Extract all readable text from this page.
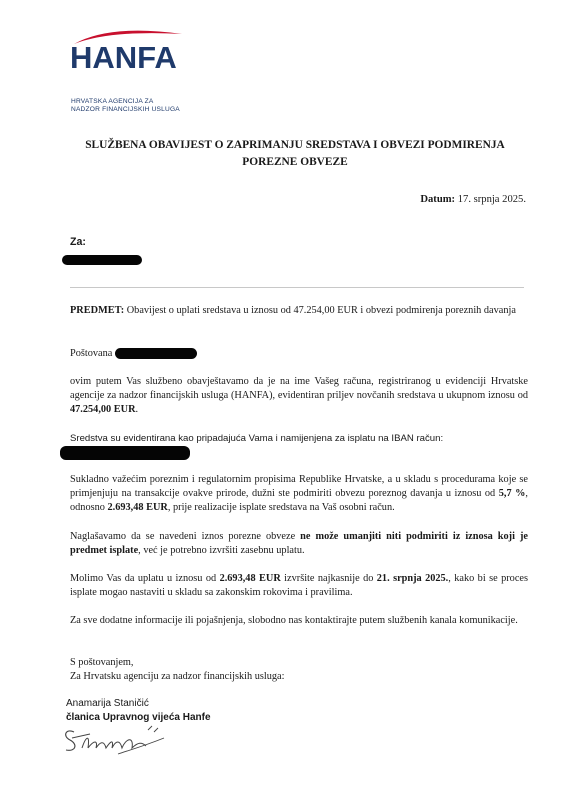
HANFA
HRVATSKA AGENCIJA ZA
NADZOR FINANCIJSKIH USLUGA
SLUŽBENA OBAVIJEST O ZAPRIMANJU SREDSTAVA I OBVEZI PODMIRENJA
POREZNE OBVEZE
Datum: 17. srpnja 2025.
Za:
PREDMET: Obavijest o uplati sredstava u iznosu od 47.254,00 EUR i obvezi podmirenja poreznih davanja
Poštovana
ovim putem Vas službeno obavještavamo da je na ime Vašeg računa, registriranog u evidenciji Hrvatske agencije za nadzor financijskih usluga (HANFA), evidentiran priljev novčanih sredstava u ukupnom iznosu od 47.254,00 EUR.
Sredstva su evidentirana kao pripadajuća Vama i namijenjena za isplatu na IBAN račun:
Sukladno važećim poreznim i regulatornim propisima Republike Hrvatske, a u skladu s procedurama koje se primjenjuju na transakcije ovakve prirode, dužni ste podmiriti obvezu poreznog davanja u iznosu od 5,7 %, odnosno 2.693,48 EUR, prije realizacije isplate sredstava na Vaš osobni račun.
Naglašavamo da se navedeni iznos porezne obveze ne može umanjiti niti podmiriti iz iznosa koji je predmet isplate, već je potrebno izvršiti zasebnu uplatu.
Molimo Vas da uplatu u iznosu od 2.693,48 EUR izvršite najkasnije do 21. srpnja 2025., kako bi se proces isplate mogao nastaviti u skladu sa zakonskim rokovima i pravilima.
Za sve dodatne informacije ili pojašnjenja, slobodno nas kontaktirajte putem službenih kanala komunikacije.
S poštovanjem,
Za Hrvatsku agenciju za nadzor financijskih usluga:
Anamarija Staničić
članica Upravnog vijeća Hanfe
